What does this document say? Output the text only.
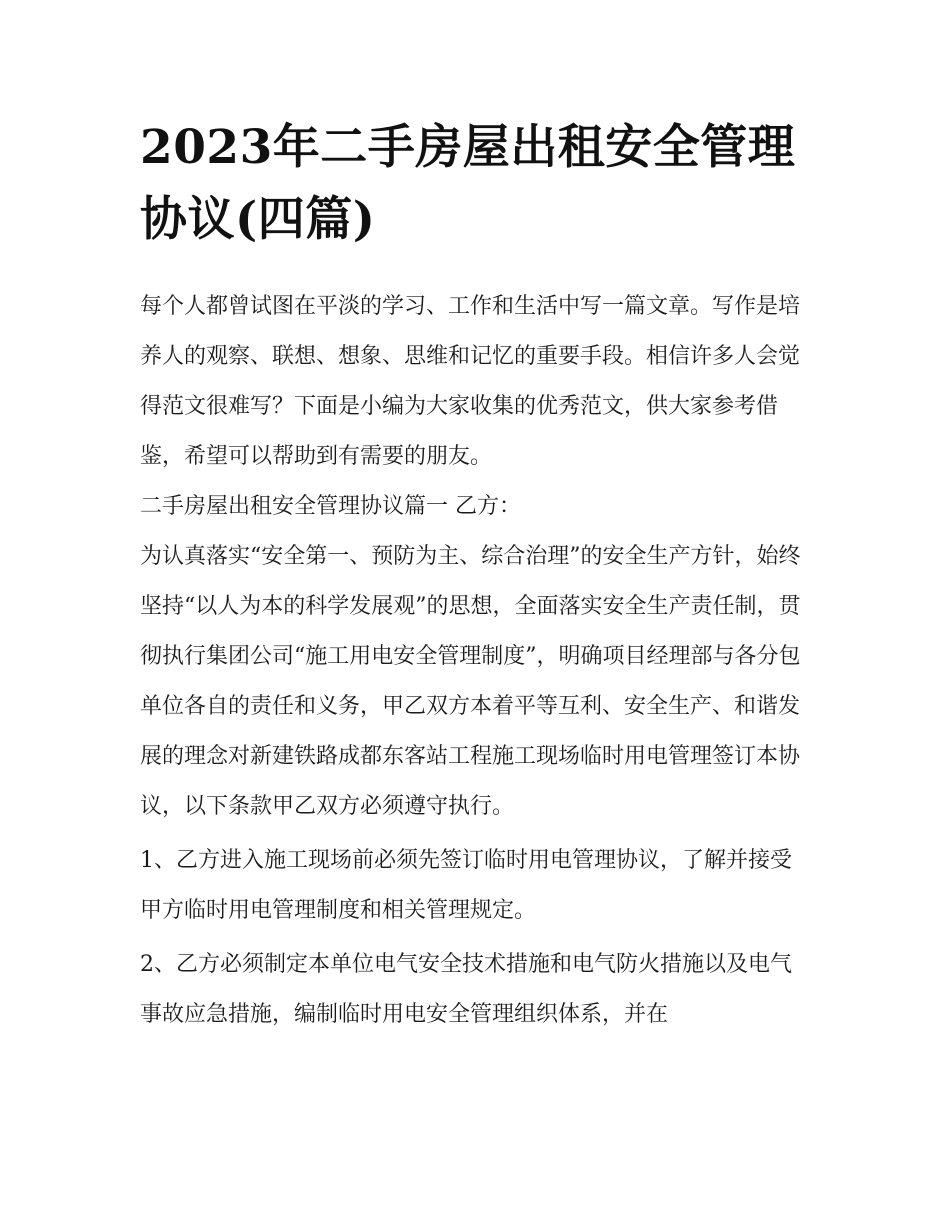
2023年二手房屋出租安全管理协议(四篇)

每个人都曾试图在平淡的学习、工作和生活中写一篇文章。写作是培养人的观察、联想、想象、思维和记忆的重要手段。相信许多人会觉得范文很难写？下面是小编为大家收集的优秀范文，供大家参考借鉴，希望可以帮助到有需要的朋友。

二手房屋出租安全管理协议篇一 乙方：

为认真落实“安全第一、预防为主、综合治理”的安全生产方针，始终坚持“以人为本的科学发展观”的思想，全面落实安全生产责任制，贯彻执行集团公司“施工用电安全管理制度”，明确项目经理部与各分包单位各自的责任和义务，甲乙双方本着平等互利、安全生产、和谐发展的理念对新建铁路成都东客站工程施工现场临时用电管理签订本协议，以下条款甲乙双方必须遵守执行。

1、乙方进入施工现场前必须先签订临时用电管理协议，了解并接受甲方临时用电管理制度和相关管理规定。

2、乙方必须制定本单位电气安全技术措施和电气防火措施以及电气事故应急措施，编制临时用电安全管理组织体系，并在
